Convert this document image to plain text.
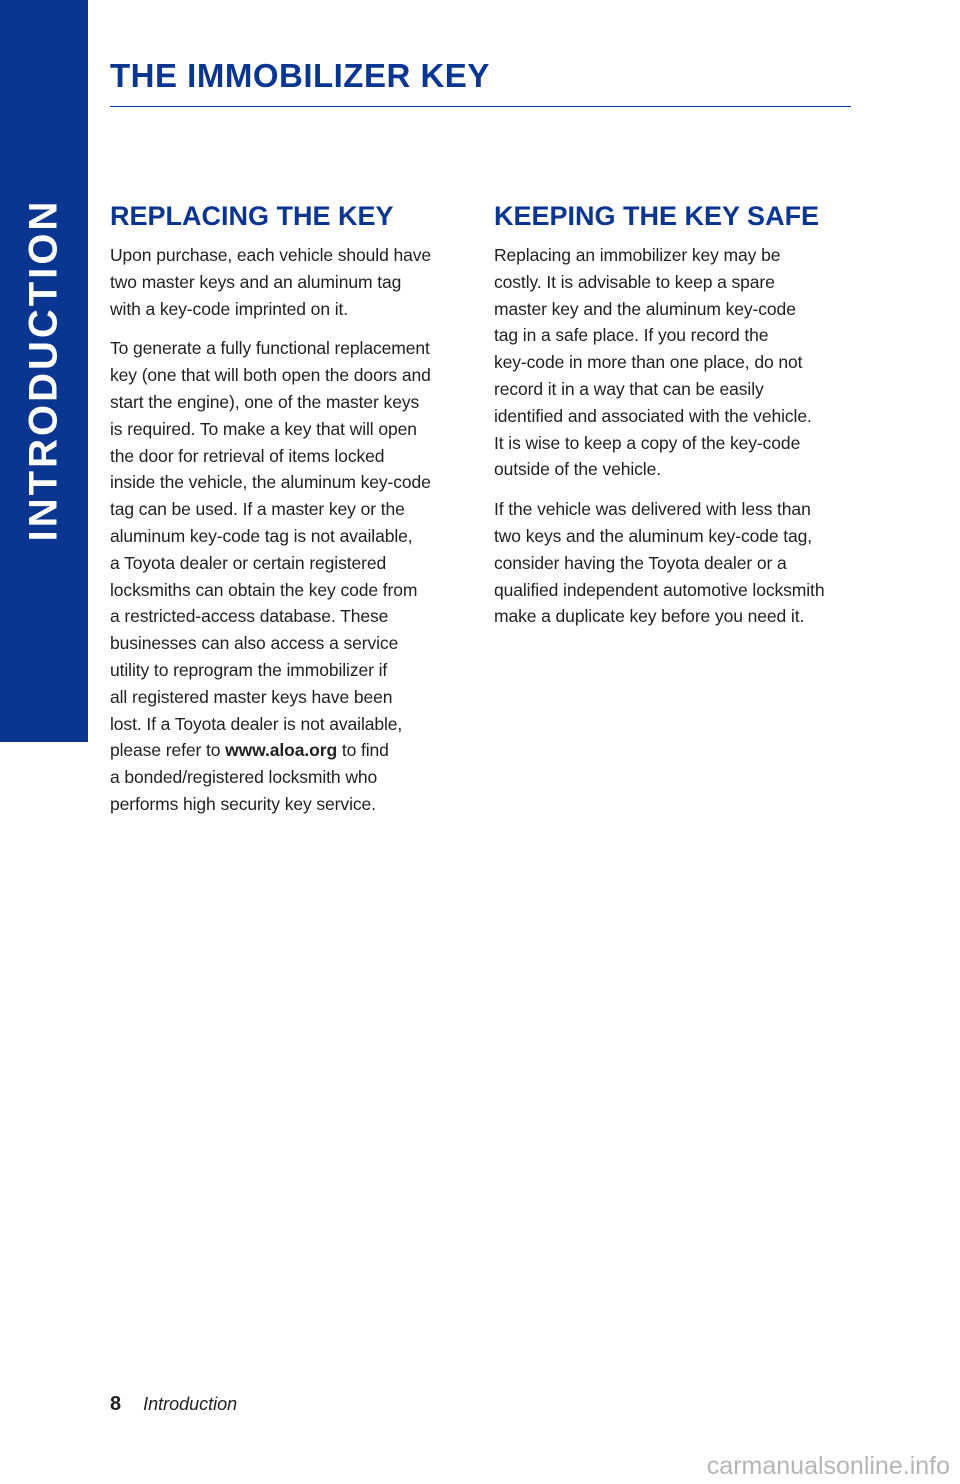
INTRODUCTION
THE IMMOBILIZER KEY
REPLACING THE KEY

Upon purchase, each vehicle should have
two master keys and an aluminum tag
with a key-code imprinted on it.

To generate a fully functional replacement
key (one that will both open the doors and
start the engine), one of the master keys
is required. To make a key that will open
the door for retrieval of items locked
inside the vehicle, the aluminum key-code
tag can be used. If a master key or the
aluminum key-code tag is not available,
a Toyota dealer or certain registered
locksmiths can obtain the key code from
a restricted-access database. These
businesses can also access a service
utility to reprogram the immobilizer if
all registered master keys have been
lost. If a Toyota dealer is not available,
please refer to www.aloa.org to find
a bonded/registered locksmith who
performs high security key service.

KEEPING THE KEY SAFE

Replacing an immobilizer key may be
costly. It is advisable to keep a spare
master key and the aluminum key-code
tag in a safe place. If you record the
key-code in more than one place, do not
record it in a way that can be easily
identified and associated with the vehicle.
It is wise to keep a copy of the key-code
outside of the vehicle.

If the vehicle was delivered with less than
two keys and the aluminum key-code tag,
consider having the Toyota dealer or a
qualified independent automotive locksmith
make a duplicate key before you need it.

8 Introduction
carmanualsonline.info
